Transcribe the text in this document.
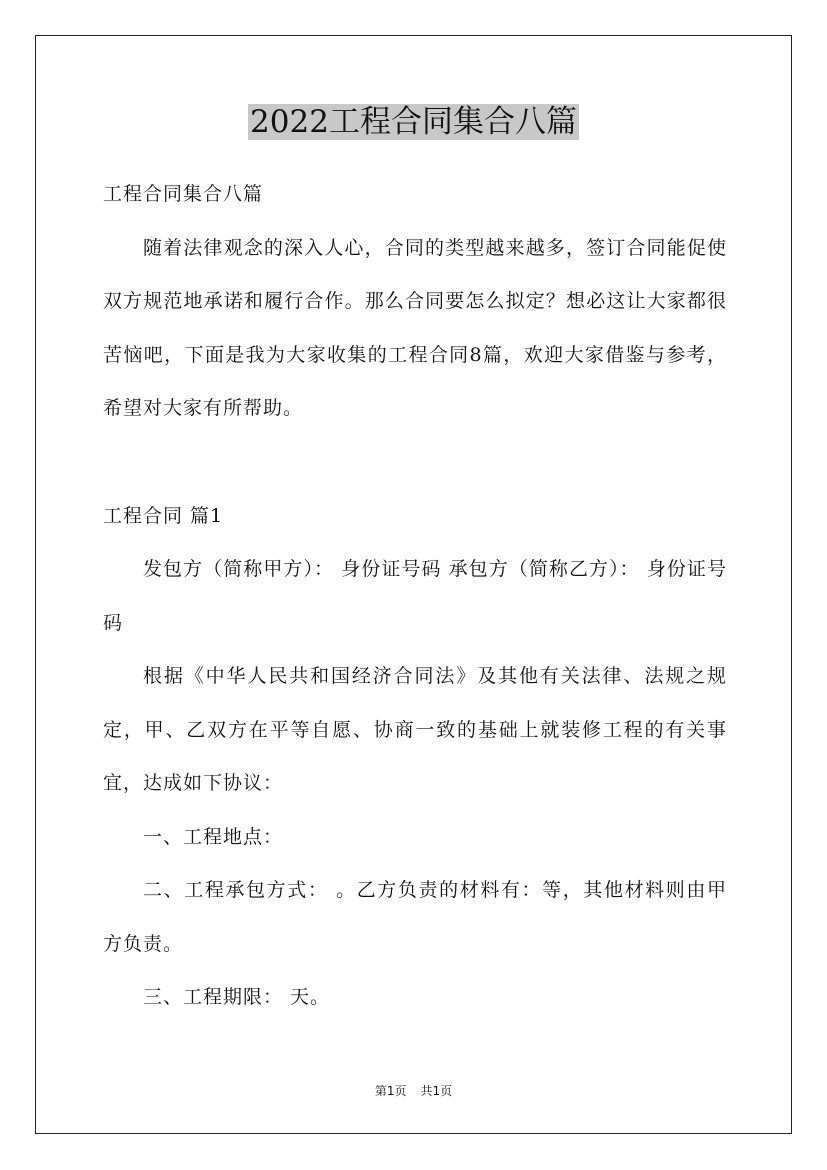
2022工程合同集合八篇

工程合同集合八篇

随着法律观念的深入人心，合同的类型越来越多，签订合同能促使双方规范地承诺和履行合作。那么合同要怎么拟定？想必这让大家都很苦恼吧，下面是我为大家收集的工程合同8篇，欢迎大家借鉴与参考，希望对大家有所帮助。

工程合同 篇1

发包方（简称甲方）： 身份证号码 承包方（简称乙方）： 身份证号码

根据《中华人民共和国经济合同法》及其他有关法律、法规之规定，甲、乙双方在平等自愿、协商一致的基础上就装修工程的有关事宜，达成如下协议：

一、工程地点：

二、工程承包方式： 。乙方负责的材料有：等，其他材料则由甲方负责。

三、工程期限： 天。

第1页 共1页
